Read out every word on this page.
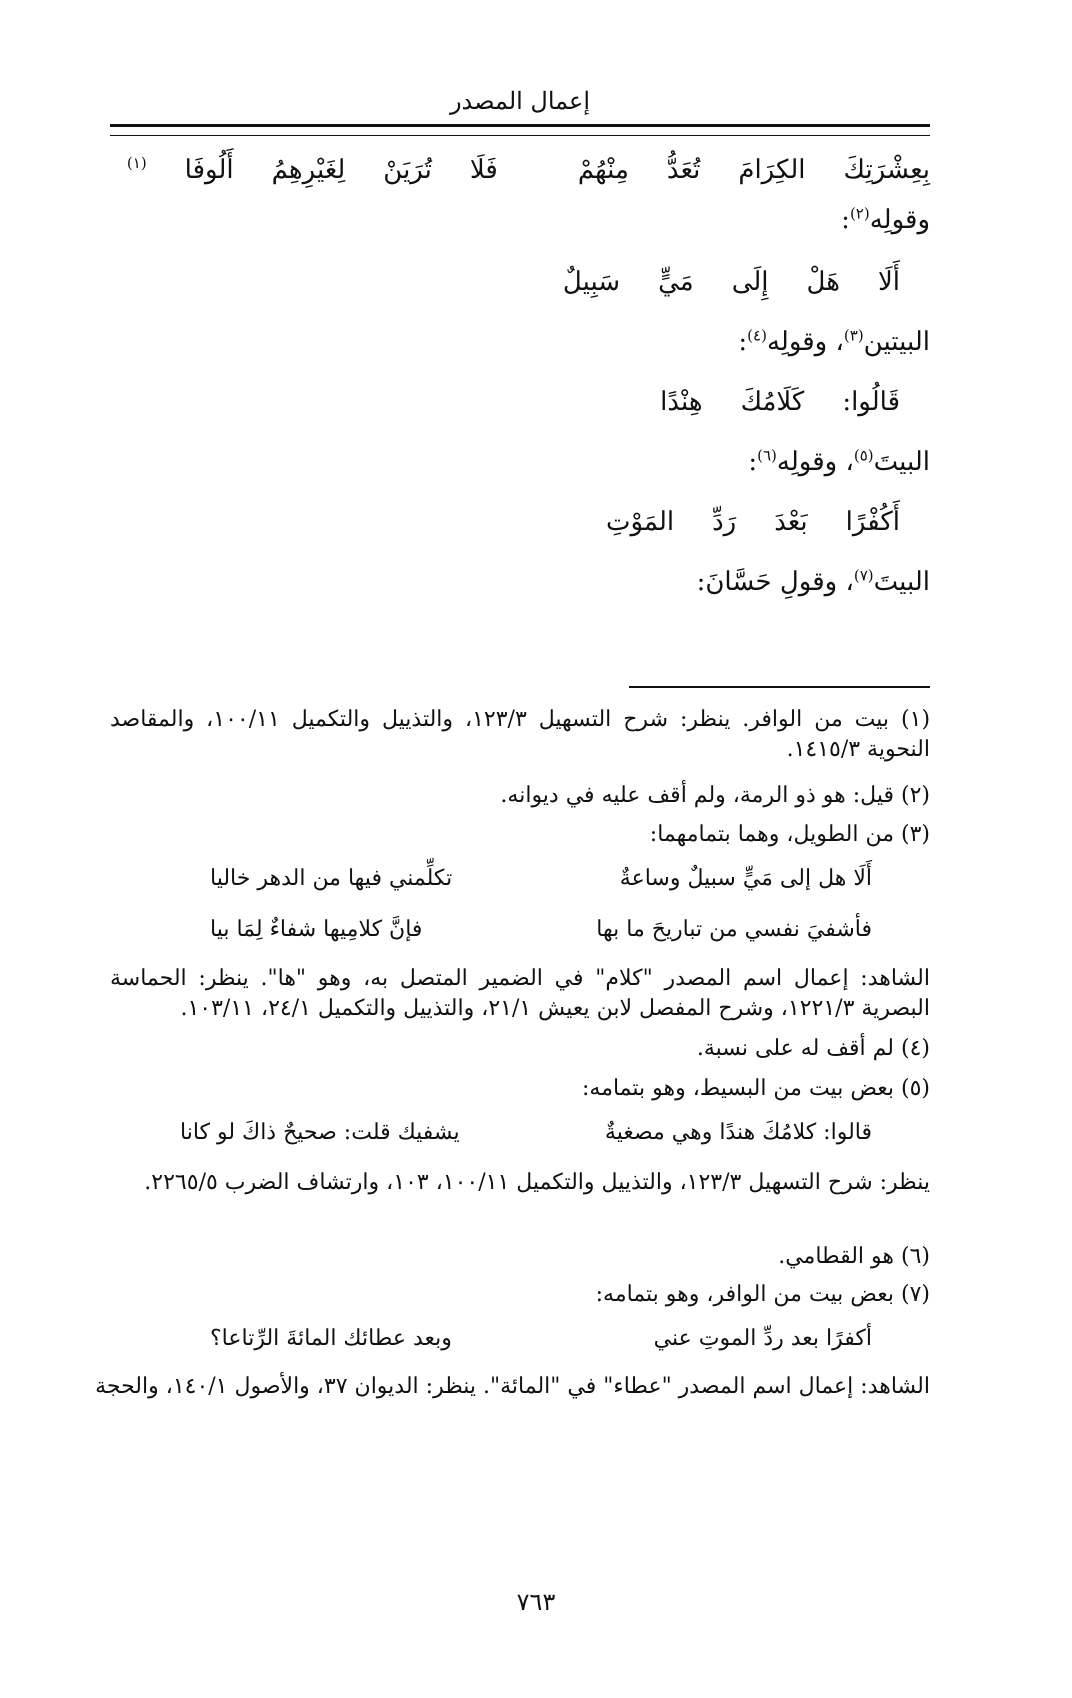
إعمال المصدر
بِعِشْرَتِكَالكِرَامَتُعَدُّمِنْهُمْفَلَاتُرَيَنْلِغَيْرِهِمُأَلُوفَا(١)
وقولِه$^{(٢)}$:
أَلَاهَلْإِلَىمَيٍّسَبِيلٌ
البيتين$^{(٣)}$، وقولِه$^{(٤)}$:
قَالُوا:كَلَامُكَهِنْدًا
البيتَ$^{(٥)}$، وقولِه$^{(٦)}$:
أَكُفْرًابَعْدَرَدِّالمَوْتِ
البيتَ$^{(٧)}$، وقولِ حَسَّانَ:
(١) بيت من الوافر. ينظر: شرح التسهيل ١٢٣/٣، والتذييل والتكميل ١٠٠/١١، والمقاصد النحوية ١٤١٥/٣.
(٢) قيل: هو ذو الرمة، ولم أقف عليه في ديوانه.
(٣) من الطويل، وهما بتمامهما:
أَلَا هل إلى مَيٍّ سبيلٌ وساعةٌ
تكلِّمني فيها من الدهر خاليا
فأشفيَ نفسي من تباريحَ ما بها
فإنَّ كلامِيها شفاءٌ لِمَا بيا
الشاهد: إعمال اسم المصدر "كلام" في الضمير المتصل به، وهو "ها". ينظر: الحماسة البصرية ١٢٢١/٣، وشرح المفصل لابن يعيش ٢١/١، والتذييل والتكميل ٢٤/١، ١٠٣/١١.
(٤) لم أقف له على نسبة.
(٥) بعض بيت من البسيط، وهو بتمامه:
قالوا: كلامُكَ هندًا وهي مصغيةٌ
يشفيك قلت: صحيحٌ ذاكَ لو كانا
ينظر: شرح التسهيل ١٢٣/٣، والتذييل والتكميل ١٠٠/١١، ١٠٣، وارتشاف الضرب ٢٢٦٥/٥.
(٦) هو القطامي.
(٧) بعض بيت من الوافر، وهو بتمامه:
أكفرًا بعد ردِّ الموتِ عني
وبعد عطائك المائةَ الرِّتاعا؟
الشاهد: إعمال اسم المصدر "عطاء" في "المائة". ينظر: الديوان ٣٧، والأصول ١٤٠/١، والحجة
٧٦٣
